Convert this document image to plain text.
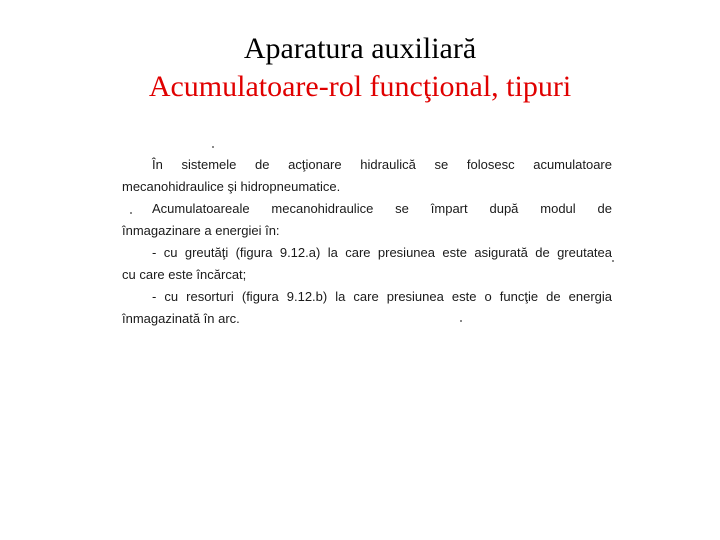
Aparatura auxiliară
Acumulatoare-rol funcţional, tipuri
În sistemele de acţionare hidraulică se folosesc acumulatoare
mecanohidraulice şi hidropneumatice.
Acumulatoareale mecanohidraulice se împart după modul de
înmagazinare a energiei în:
- cu greutăţi (figura 9.12.a) la care presiunea este asigurată de greutatea
cu care este încărcat;
- cu resorturi (figura 9.12.b) la care presiunea este o funcţie de energia
înmagazinată în arc.
